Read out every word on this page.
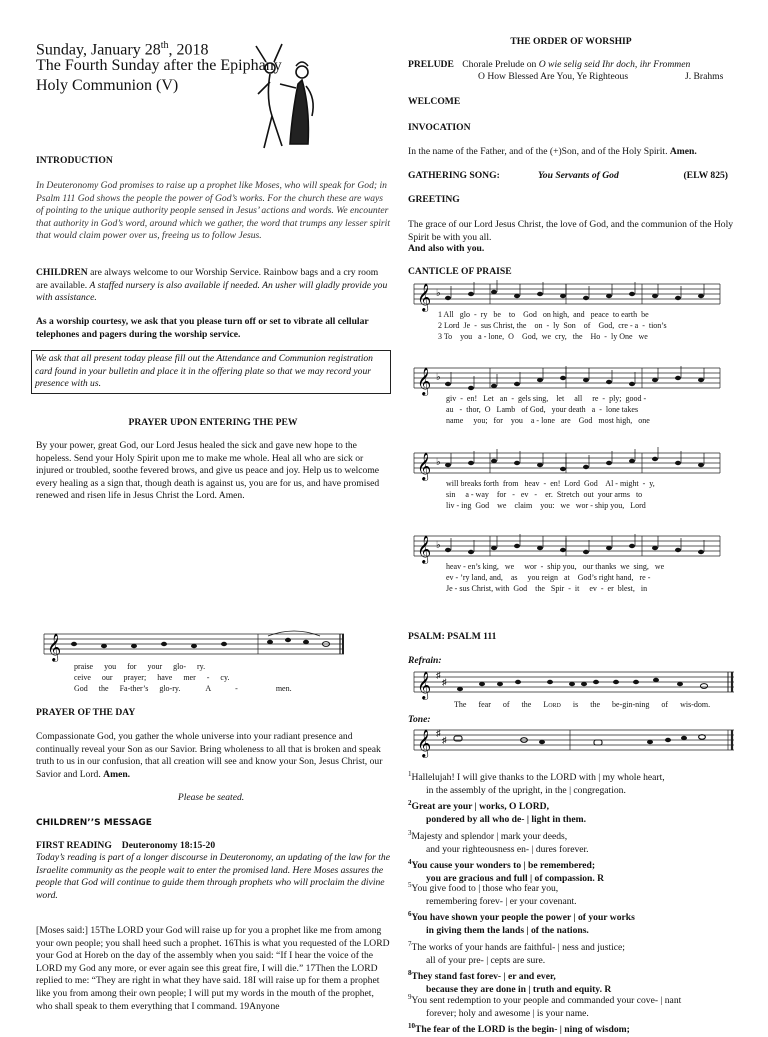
Sunday, January 28th, 2018
The Fourth Sunday after the Epiphany
Holy Communion (V)
INTRODUCTION
In Deuteronomy God promises to raise up a prophet like Moses, who will speak for God; in Psalm 111 God shows the people the power of God’s works. For the church these are ways of pointing to the unique authority people sensed in Jesus’ actions and words. We encounter that authority in God’s word, around which we gather, the word that trumps any lesser spirit that would claim power over us, freeing us to follow Jesus.
CHILDREN are always welcome to our Worship Service. Rainbow bags and a cry room are available. A staffed nursery is also available if needed. An usher will gladly provide you with assistance.
As a worship courtesy, we ask that you please turn off or set to vibrate all cellular telephones and pagers during the worship service.
We ask that all present today please fill out the Attendance and Communion registration card found in your bulletin and place it in the offering plate so that we may record your presence with us.
PRAYER UPON ENTERING THE PEW
By your power, great God, our Lord Jesus healed the sick and gave new hope to the hopeless. Send your Holy Spirit upon me to make me whole. Heal all who are sick or injured or troubled, soothe fevered brows, and give us peace and joy. Help us to welcome every healing as a sign that, though death is against us, you are for us, and have promised renewed and risen life in Jesus Christ the Lord. Amen.
𝄞
praise you for your glo- ry.
ceive our prayer; have mer - cy.
God the Fa-ther’s glo-ry.	A	-	men.
PRAYER OF THE DAY
Compassionate God, you gather the whole universe into your radiant presence and continually reveal your Son as our Savior. Bring wholeness to all that is broken and speak truth to us in our confusion, that all creation will see and know your Son, Jesus Christ, our Savior and Lord. Amen.
Please be seated.
CHILDREN’’S MESSAGE
FIRST READING Deuteronomy 18:15-20
Today’s reading is part of a longer discourse in Deuteronomy, an updating of the law for the Israelite community as the people wait to enter the promised land. Here Moses assures the people that God will continue to guide them through prophets who will proclaim the divine word.
[Moses said:] 15The LORD your God will raise up for you a prophet like me from among your own people; you shall heed such a prophet. 16This is what you requested of the LORD your God at Horeb on the day of the assembly when you said: “If I hear the voice of the LORD my God any more, or ever again see this great fire, I will die.” 17Then the LORD replied to me: “They are right in what they have said. 18I will raise up for them a prophet like you from among their own people; I will put my words in the mouth of the prophet, who shall speak to them everything that I command. 19Anyone
THE ORDER OF WORSHIP
PRELUDE Chorale Prelude on O wie selig seid Ihr doch, ihr Frommen
O How Blessed Are You, Ye Righteous	J. Brahms
WELCOME
INVOCATION
In the name of the Father, and of the (+)Son, and of the Holy Spirit. Amen.
GATHERING SONG:	You Servants of God	(ELW 825)
GREETING
The grace of our Lord Jesus Christ, the love of God, and the communion of the Holy Spirit be with you all.
And also with you.
CANTICLE OF PRAISE
𝄞 ♭
1 All   glo  -  ry   be    to    God   on high,  and   peace  to earth  be
2 Lord  Je  -  sus Christ, the    on  -  ly  Son    of    God,  cre - a  -  tion’s
3 To    you   a - lone,  O    God,  we  cry,   the    Ho  -  ly One   we
𝄞 ♭
giv  -  en!   Let   an  -  gels sing,    let     all     re  -  ply;  good -
au   -  thor,  O   Lamb   of God,   your death   a  -  lone takes
name     you;   for    you    a - lone   are    God   most high,   one
𝄞 ♭
will breaks forth  from   heav  -  en!  Lord  God    Al - might  -  y,
sin     a - way    for   -   ev   -    er.  Stretch  out  your arms   to
liv - ing  God    we    claim    you:   we   wor - ship you,   Lord
𝄞 ♭
heav - en’s king,   we     wor  -  ship you,   our thanks  we  sing,   we
ev - ’ry land, and,    as     you reign   at    God’s right hand,   re -
Je - sus Christ, with  God    the   Spir  -  it     ev  -  er  blest,   in
PSALM: PSALM 111
Refrain:
𝄞 ♯
♯
The fear of the Lord is the be-gin-ning of wis-dom.
Tone:
𝄞 ♯
♯
$^1$Hallelujah! I will give thanks to the LORD with | my whole heart,
in the assembly of the upright, in the | congregation.
$^2$Great are your | works, O LORD,
pondered by all who de- | light in them.
$^3$Majesty and splendor | mark your deeds,
and your righteousness en- | dures forever.
$^4$You cause your wonders to | be remembered;
you are gracious and full | of compassion. R
$^5$You give food to | those who fear you,
remembering forev- | er your covenant.
$^6$You have shown your people the power | of your works
in giving them the lands | of the nations.
$^7$The works of your hands are faithful- | ness and justice;
all of your pre- | cepts are sure.
$^8$They stand fast forev- | er and ever,
because they are done in | truth and equity. R
$^9$You sent redemption to your people and commanded your cove- | nant
forever; holy and awesome | is your name.
$^{10}$The fear of the LORD is the begin- | ning of wisdom;
